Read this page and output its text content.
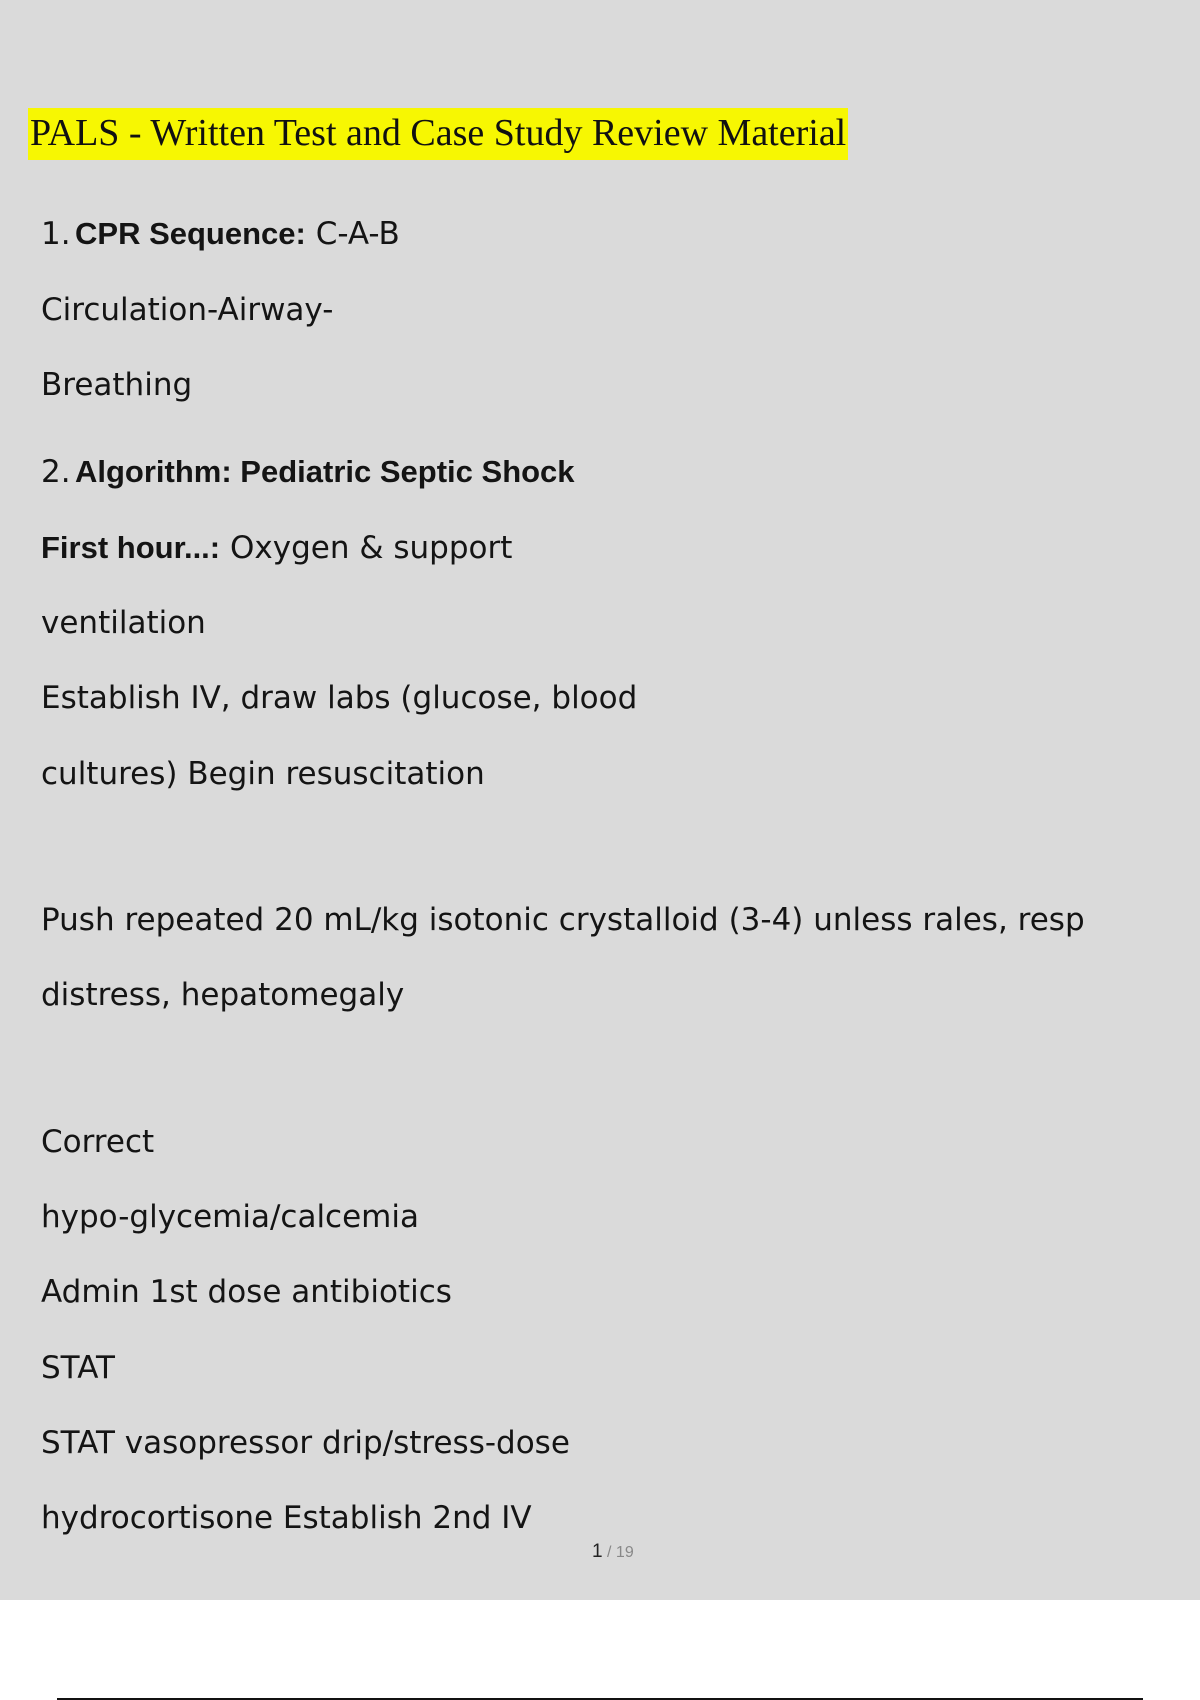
PALS - Written Test and Case Study Review Material
1. CPR Sequence: C-A-B
Circulation-Airway-
Breathing
2. Algorithm: Pediatric Septic Shock
First hour...: Oxygen & support
ventilation
Establish IV, draw labs (glucose, blood
cultures) Begin resuscitation
Push repeated 20 mL/kg isotonic crystalloid (3-4) unless rales, resp
distress, hepatomegaly
Correct
hypo-glycemia/calcemia
Admin 1st dose antibiotics
STAT
STAT vasopressor drip/stress-dose
hydrocortisone Establish 2nd IV
1 / 19
